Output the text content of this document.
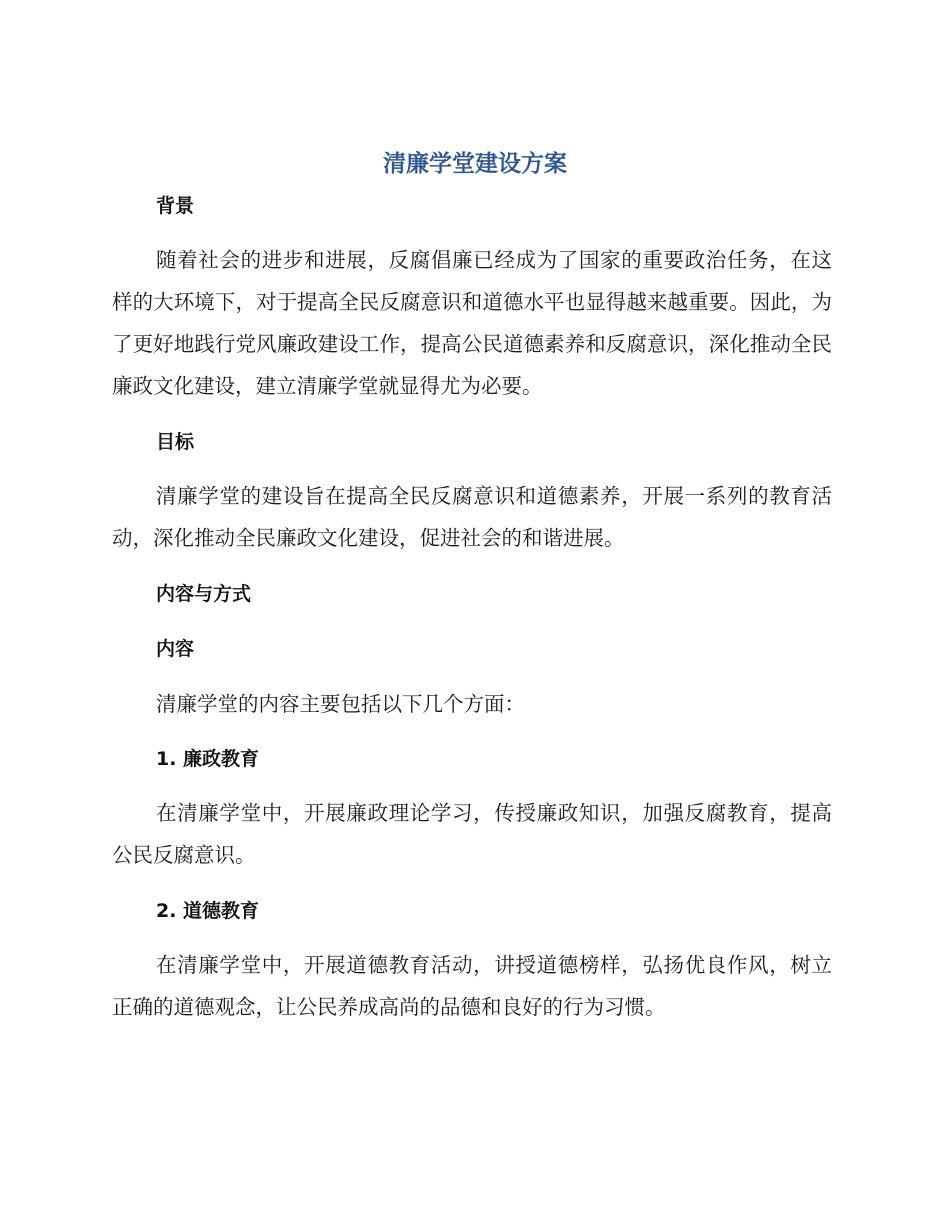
清廉学堂建设方案
背景

随着社会的进步和进展，反腐倡廉已经成为了国家的重要政治任务，在这样的大环境下，对于提高全民反腐意识和道德水平也显得越来越重要。因此，为了更好地践行党风廉政建设工作，提高公民道德素养和反腐意识，深化推动全民廉政文化建设，建立清廉学堂就显得尤为必要。

目标

清廉学堂的建设旨在提高全民反腐意识和道德素养，开展一系列的教育活动，深化推动全民廉政文化建设，促进社会的和谐进展。

内容与方式
内容

清廉学堂的内容主要包括以下几个方面：

1. 廉政教育

在清廉学堂中，开展廉政理论学习，传授廉政知识，加强反腐教育，提高公民反腐意识。

2. 道德教育

在清廉学堂中，开展道德教育活动，讲授道德榜样，弘扬优良作风，树立正确的道德观念，让公民养成高尚的品德和良好的行为习惯。
